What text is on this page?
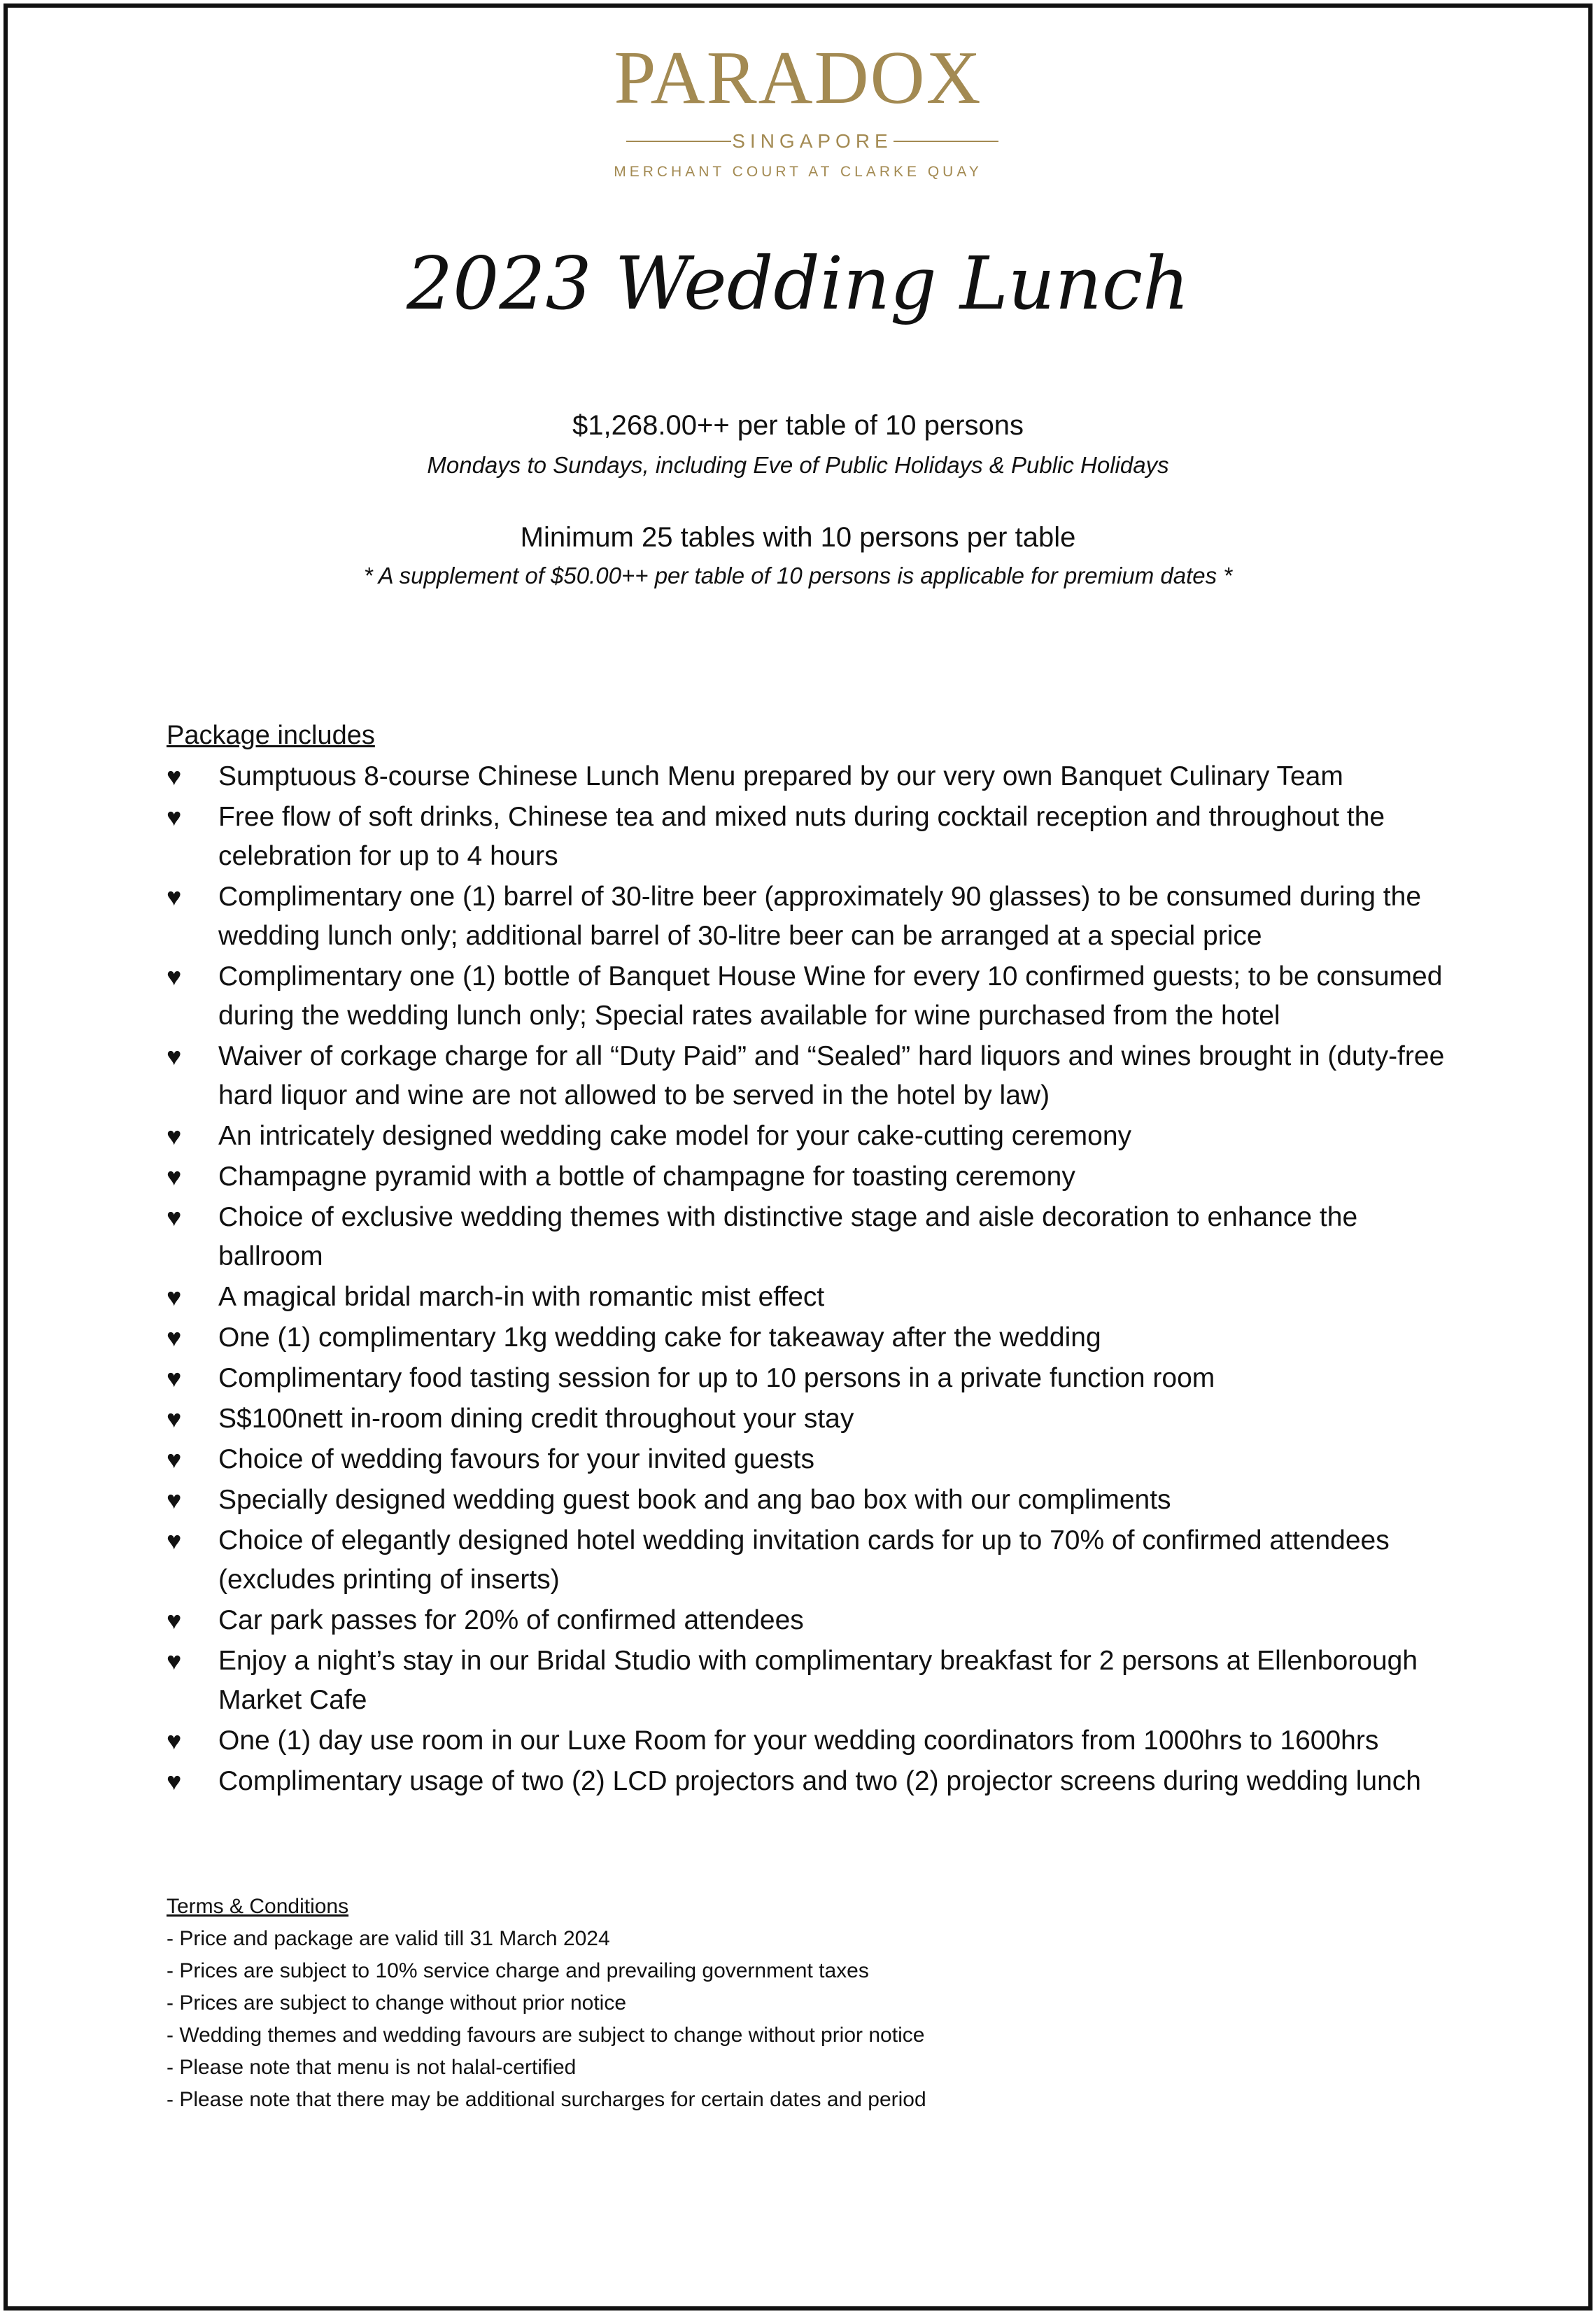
PARADOX
SINGAPORE
MERCHANT COURT AT CLARKE QUAY
2023 Wedding Lunch
$1,268.00++ per table of 10 persons
Mondays to Sundays, including Eve of Public Holidays & Public Holidays
Minimum 25 tables with 10 persons per table
* A supplement of $50.00++ per table of 10 persons is applicable for premium dates *
Package includes
♥ Sumptuous 8-course Chinese Lunch Menu prepared by our very own Banquet Culinary Team
♥ Free flow of soft drinks, Chinese tea and mixed nuts during cocktail reception and throughout the celebration for up to 4 hours
♥ Complimentary one (1) barrel of 30-litre beer (approximately 90 glasses) to be consumed during the wedding lunch only; additional barrel of 30-litre beer can be arranged at a special price
♥ Complimentary one (1) bottle of Banquet House Wine for every 10 confirmed guests; to be consumed during the wedding lunch only; Special rates available for wine purchased from the hotel
♥ Waiver of corkage charge for all “Duty Paid” and “Sealed” hard liquors and wines brought in (duty-free hard liquor and wine are not allowed to be served in the hotel by law)
♥ An intricately designed wedding cake model for your cake-cutting ceremony
♥ Champagne pyramid with a bottle of champagne for toasting ceremony
♥ Choice of exclusive wedding themes with distinctive stage and aisle decoration to enhance the ballroom
♥ A magical bridal march-in with romantic mist effect
♥ One (1) complimentary 1kg wedding cake for takeaway after the wedding
♥ Complimentary food tasting session for up to 10 persons in a private function room
♥ S$100nett in-room dining credit throughout your stay
♥ Choice of wedding favours for your invited guests
♥ Specially designed wedding guest book and ang bao box with our compliments
♥ Choice of elegantly designed hotel wedding invitation cards for up to 70% of confirmed attendees (excludes printing of inserts)
♥ Car park passes for 20% of confirmed attendees
♥ Enjoy a night’s stay in our Bridal Studio with complimentary breakfast for 2 persons at Ellenborough Market Cafe
♥ One (1) day use room in our Luxe Room for your wedding coordinators from 1000hrs to 1600hrs
♥ Complimentary usage of two (2) LCD projectors and two (2) projector screens during wedding lunch
Terms & Conditions
- Price and package are valid till 31 March 2024
- Prices are subject to 10% service charge and prevailing government taxes
- Prices are subject to change without prior notice
- Wedding themes and wedding favours are subject to change without prior notice
- Please note that menu is not halal-certified
- Please note that there may be additional surcharges for certain dates and period
